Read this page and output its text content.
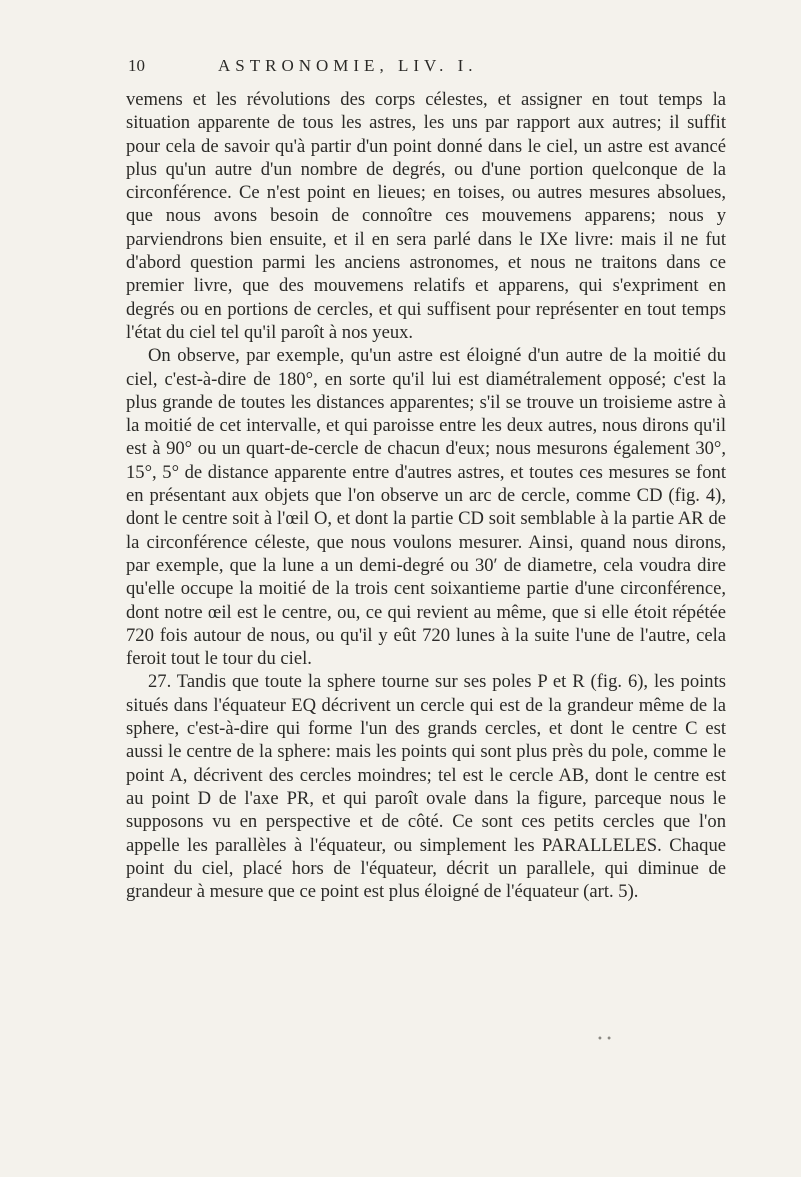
10	ASTRONOMIE, LIV. I.

vemens et les révolutions des corps célestes, et assigner en tout temps la situation apparente de tous les astres, les uns par rapport aux autres; il suffit pour cela de savoir qu'à partir d'un point donné dans le ciel, un astre est avancé plus qu'un autre d'un nombre de degrés, ou d'une portion quelconque de la circonférence. Ce n'est point en lieues; en toises, ou autres mesures absolues, que nous avons besoin de connoître ces mouvemens apparens; nous y parviendrons bien ensuite, et il en sera parlé dans le IXe livre: mais il ne fut d'abord question parmi les anciens astronomes, et nous ne traitons dans ce premier livre, que des mouvemens relatifs et apparens, qui s'expriment en degrés ou en portions de cercles, et qui suffisent pour représenter en tout temps l'état du ciel tel qu'il paroît à nos yeux.

On observe, par exemple, qu'un astre est éloigné d'un autre de la moitié du ciel, c'est-à-dire de 180°, en sorte qu'il lui est diamétralement opposé; c'est la plus grande de toutes les distances apparentes; s'il se trouve un troisieme astre à la moitié de cet intervalle, et qui paroisse entre les deux autres, nous dirons qu'il est à 90° ou un quart-de-cercle de chacun d'eux; nous mesurons également 30°, 15°, 5° de distance apparente entre d'autres astres, et toutes ces mesures se font en présentant aux objets que l'on observe un arc de cercle, comme CD (fig. 4), dont le centre soit à l'œil O, et dont la partie CD soit semblable à la partie AR de la circonférence céleste, que nous voulons mesurer. Ainsi, quand nous dirons, par exemple, que la lune a un demi-degré ou 30′ de diametre, cela voudra dire qu'elle occupe la moitié de la trois cent soixantieme partie d'une circonférence, dont notre œil est le centre, ou, ce qui revient au même, que si elle étoit répétée 720 fois autour de nous, ou qu'il y eût 720 lunes à la suite l'une de l'autre, cela feroit tout le tour du ciel.

27. Tandis que toute la sphere tourne sur ses poles P et R (fig. 6), les points situés dans l'équateur EQ décrivent un cercle qui est de la grandeur même de la sphere, c'est-à-dire qui forme l'un des grands cercles, et dont le centre C est aussi le centre de la sphere: mais les points qui sont plus près du pole, comme le point A, décrivent des cercles moindres; tel est le cercle AB, dont le centre est au point D de l'axe PR, et qui paroît ovale dans la figure, parceque nous le supposons vu en perspective et de côté. Ce sont ces petits cercles que l'on appelle les parallèles à l'équateur, ou simplement les PARALLELES. Chaque point du ciel, placé hors de l'équateur, décrit un parallele, qui diminue de grandeur à mesure que ce point est plus éloigné de l'équateur (art. 5).

• •
